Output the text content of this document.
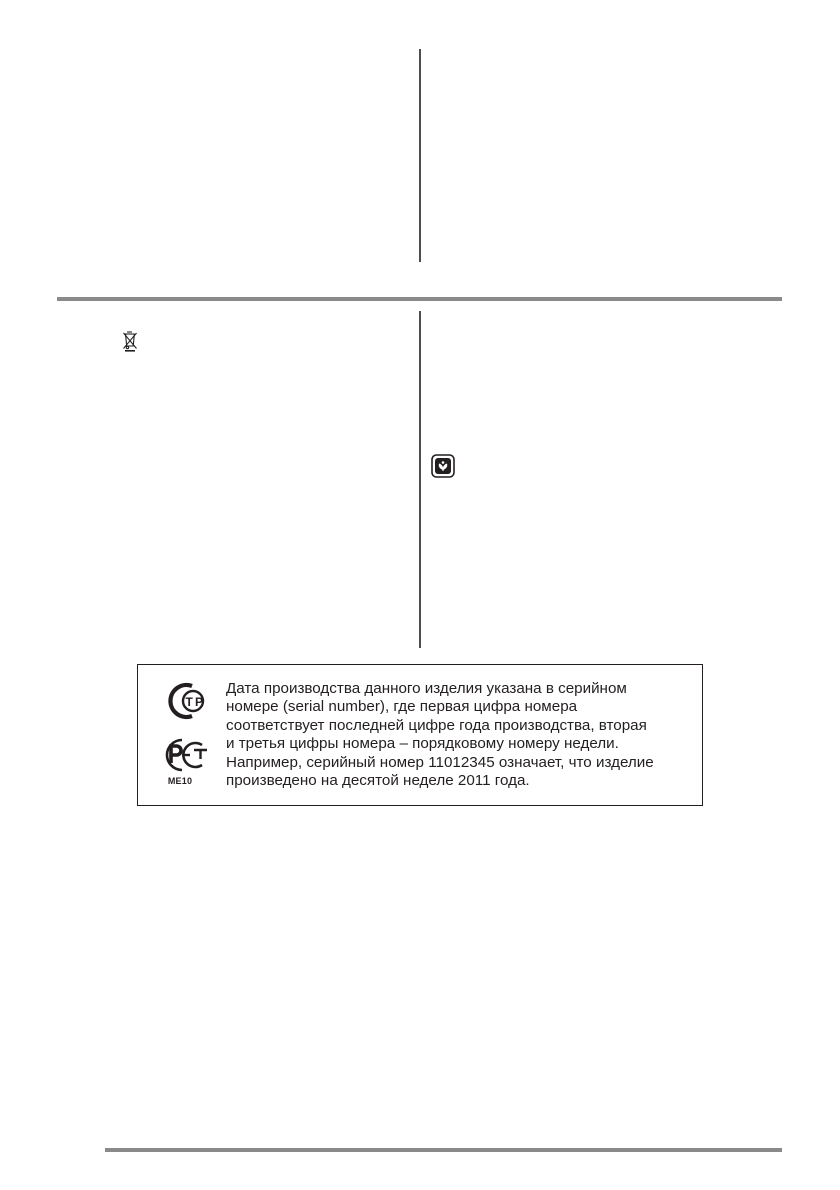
Т Р
ME10

Дата производства данного изделия указана в серийном
номере (serial number), где первая цифра номера
соответствует последней цифре года производства, вторая
и третья цифры номера – порядковому номеру недели.
Например, серийный номер 11012345 означает, что изделие
произведено на десятой неделе 2011 года.
